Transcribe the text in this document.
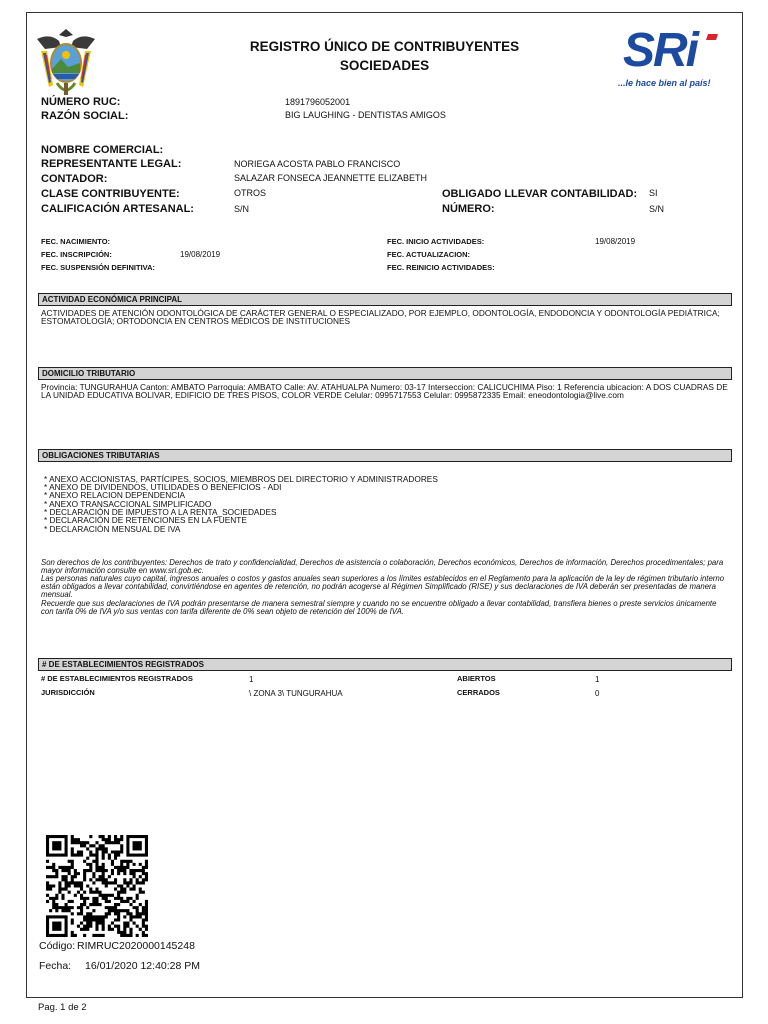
REGISTRO ÚNICO DE CONTRIBUYENTES
SOCIEDADES	SRi
...le hace bien al país!
NÚMERO RUC:	1891796052001
RAZÓN SOCIAL:	BIG LAUGHING - DENTISTAS AMIGOS
NOMBRE COMERCIAL:
REPRESENTANTE LEGAL:	NORIEGA ACOSTA PABLO FRANCISCO
CONTADOR:	SALAZAR FONSECA JEANNETTE ELIZABETH
CLASE CONTRIBUYENTE:	OTROS
CALIFICACIÓN ARTESANAL:	S/N
OBLIGADO LLEVAR CONTABILIDAD: SI
NÚMERO:	S/N
FEC. NACIMIENTO:
FEC. INSCRIPCIÓN:	19/08/2019
FEC. SUSPENSIÓN DEFINITIVA:
FEC. INICIO ACTIVIDADES:	19/08/2019
FEC. ACTUALIZACION:
FEC. REINICIO ACTIVIDADES:
ACTIVIDAD ECONÓMICA PRINCIPAL
ACTIVIDADES DE ATENCIÓN ODONTOLÓGICA DE CARÁCTER GENERAL O ESPECIALIZADO, POR EJEMPLO, ODONTOLOGÍA, ENDODONCIA Y ODONTOLOGÍA PEDIÁTRICA; ESTOMATOLOGÍA; ORTODONCIA EN CENTROS MÉDICOS DE INSTITUCIONES
DOMICILIO TRIBUTARIO
Provincia: TUNGURAHUA Canton: AMBATO Parroquia: AMBATO Calle: AV. ATAHUALPA Numero: 03-17 Interseccion: CALICUCHIMA Piso: 1 Referencia ubicacion: A DOS CUADRAS DE LA UNIDAD EDUCATIVA BOLIVAR, EDIFICIO DE TRES PISOS, COLOR VERDE Celular: 0995717553 Celular: 0995872335 Email: eneodontologia@live.com
OBLIGACIONES TRIBUTARIAS
* ANEXO ACCIONISTAS, PARTÍCIPES, SOCIOS, MIEMBROS DEL DIRECTORIO Y ADMINISTRADORES
* ANEXO DE DIVIDENDOS, UTILIDADES O BENEFICIOS - ADI
* ANEXO RELACION DEPENDENCIA
* ANEXO TRANSACCIONAL SIMPLIFICADO
* DECLARACIÓN DE IMPUESTO A LA RENTA_SOCIEDADES
* DECLARACIÓN DE RETENCIONES EN LA FUENTE
* DECLARACIÓN MENSUAL DE IVA
Son derechos de los contribuyentes: Derechos de trato y confidencialidad, Derechos de asistencia o colaboración, Derechos económicos, Derechos de información, Derechos procedimentales; para mayor información consulte en www.sri.gob.ec.
Las personas naturales cuyo capital, ingresos anuales o costos y gastos anuales sean superiores a los límites establecidos en el Reglamento para la aplicación de la ley de régimen tributario interno están obligados a llevar contabilidad, convirtiéndose en agentes de retención, no podrán acogerse al Régimen Simplificado (RISE) y sus declaraciones de IVA deberán ser presentadas de manera mensual.
Recuerde que sus declaraciones de IVA podrán presentarse de manera semestral siempre y cuando no se encuentre obligado a llevar contabilidad, transfiera bienes o preste servicios únicamente con tarifa 0% de IVA y/o sus ventas con tarifa diferente de 0% sean objeto de retención del 100% de IVA.
# DE ESTABLECIMIENTOS REGISTRADOS
# DE ESTABLECIMIENTOS REGISTRADOS	1
JURISDICCIÓN	\ ZONA 3\ TUNGURAHUA
ABIERTOS	1
CERRADOS	0
Código: RIMRUC2020000145248
Fecha: 16/01/2020 12:40:28 PM
Pag. 1 de 2
